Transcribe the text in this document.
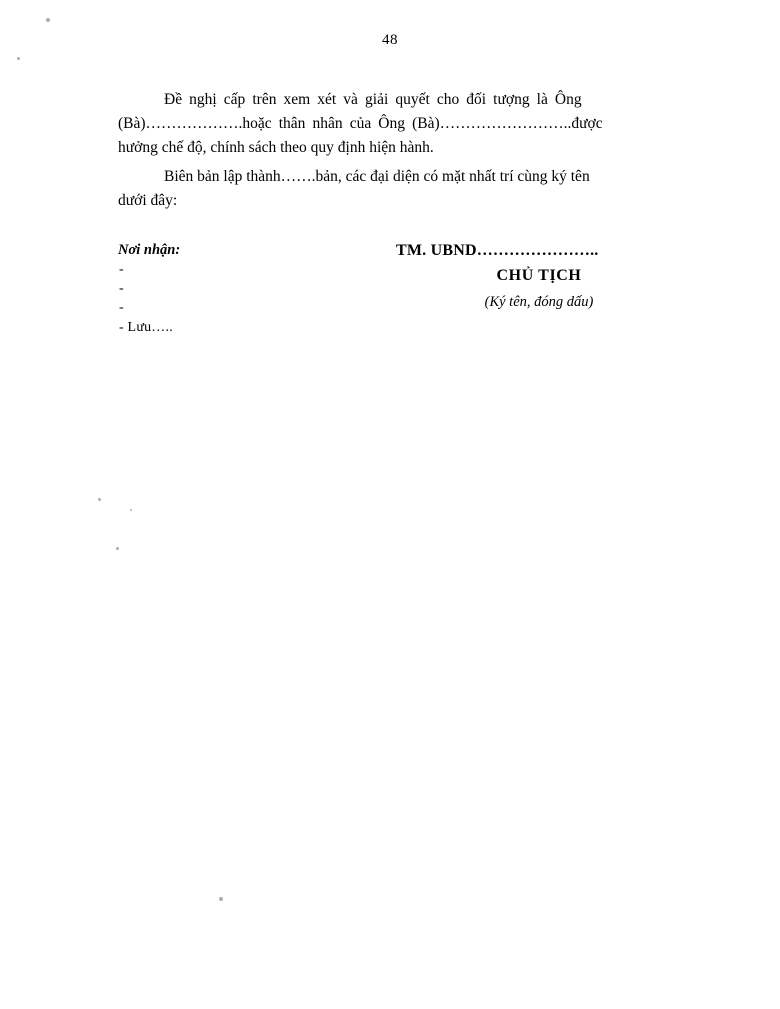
48

Đề nghị cấp trên xem xét và giải quyết cho đối tượng là Ông
(Bà)……………….hoặc thân nhân của Ông (Bà)……………………..được
hưởng chế độ, chính sách theo quy định hiện hành.

Biên bản lập thành…….bản, các đại diện có mặt nhất trí cùng ký tên
dưới đây:

Nơi nhận:

-

-

-

- Lưu…..

TM. UBND…………………..
CHỦ TỊCH
(Ký tên, đóng dấu)
